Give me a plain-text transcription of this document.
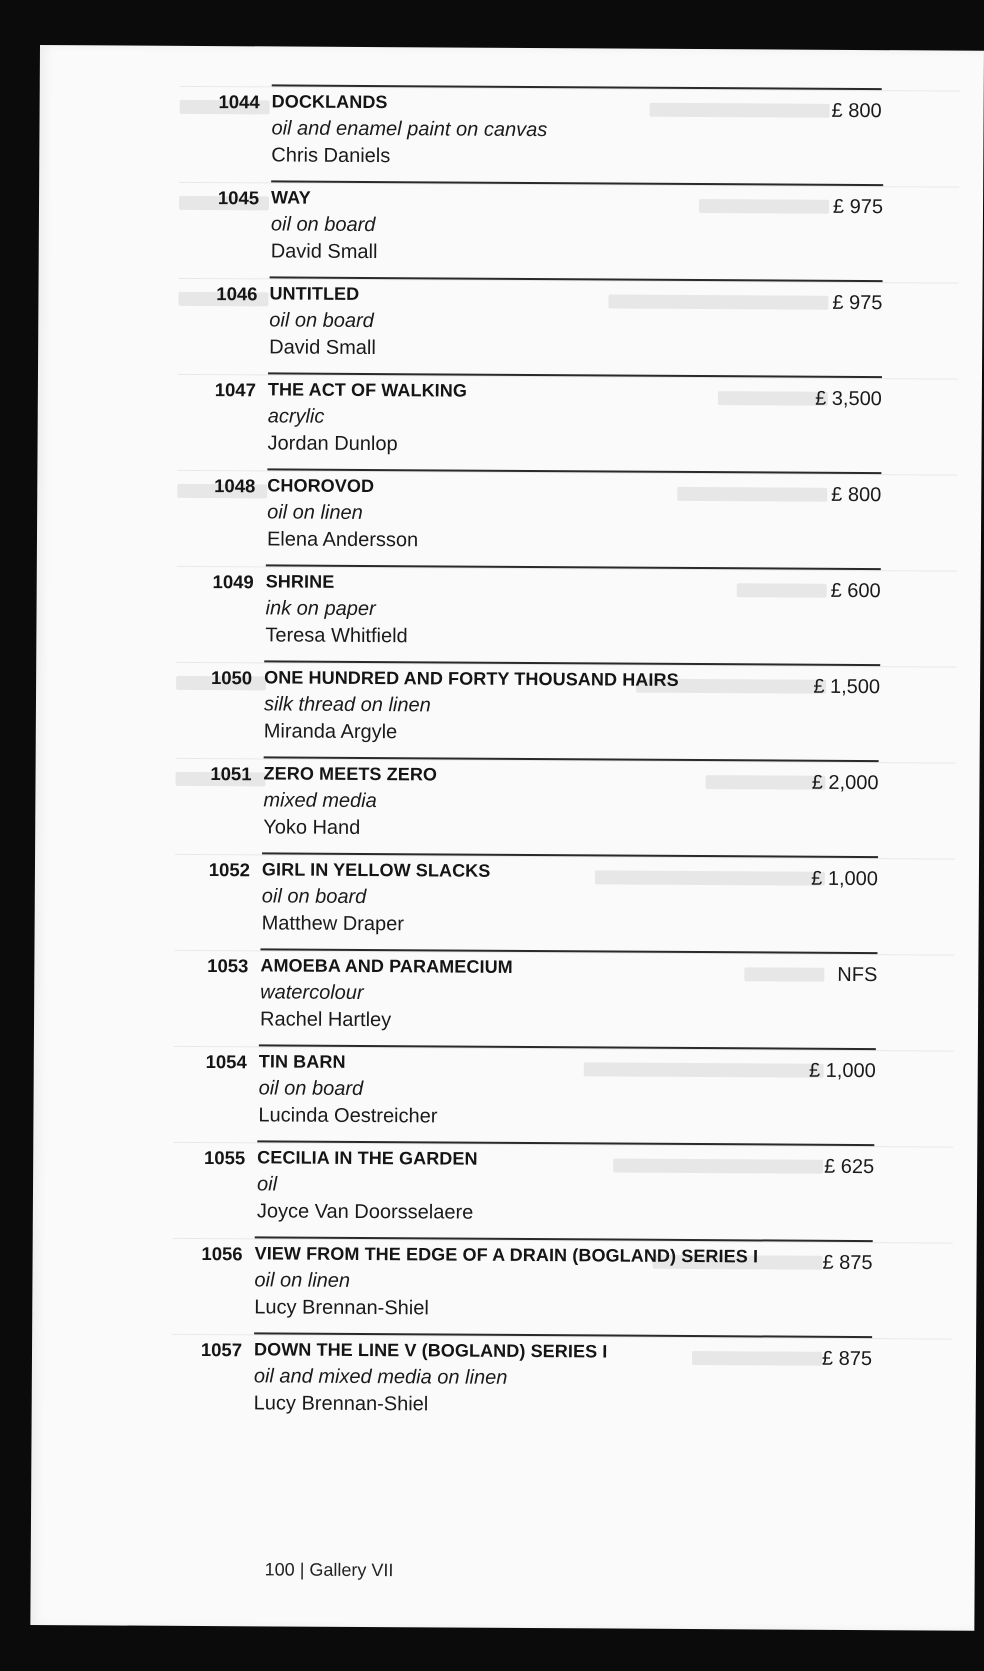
1044 DOCKLANDS
oil and enamel paint on canvas
Chris Daniels
£ 800
1045 WAY
oil on board
David Small
£ 975
1046 UNTITLED
oil on board
David Small
£ 975
1047 THE ACT OF WALKING
acrylic
Jordan Dunlop
£ 3,500
1048 CHOROVOD
oil on linen
Elena Andersson
£ 800
1049 SHRINE
ink on paper
Teresa Whitfield
£ 600
1050 ONE HUNDRED AND FORTY THOUSAND HAIRS
silk thread on linen
Miranda Argyle
£ 1,500
1051 ZERO MEETS ZERO
mixed media
Yoko Hand
£ 2,000
1052 GIRL IN YELLOW SLACKS
oil on board
Matthew Draper
£ 1,000
1053 AMOEBA AND PARAMECIUM
watercolour
Rachel Hartley
NFS
1054 TIN BARN
oil on board
Lucinda Oestreicher
£ 1,000
1055 CECILIA IN THE GARDEN
oil
Joyce Van Doorsselaere
£ 625
1056 VIEW FROM THE EDGE OF A DRAIN (BOGLAND) SERIES I
oil on linen
Lucy Brennan-Shiel
£ 875
1057 DOWN THE LINE V (BOGLAND) SERIES I
oil and mixed media on linen
Lucy Brennan-Shiel
£ 875
100 | Gallery VII
